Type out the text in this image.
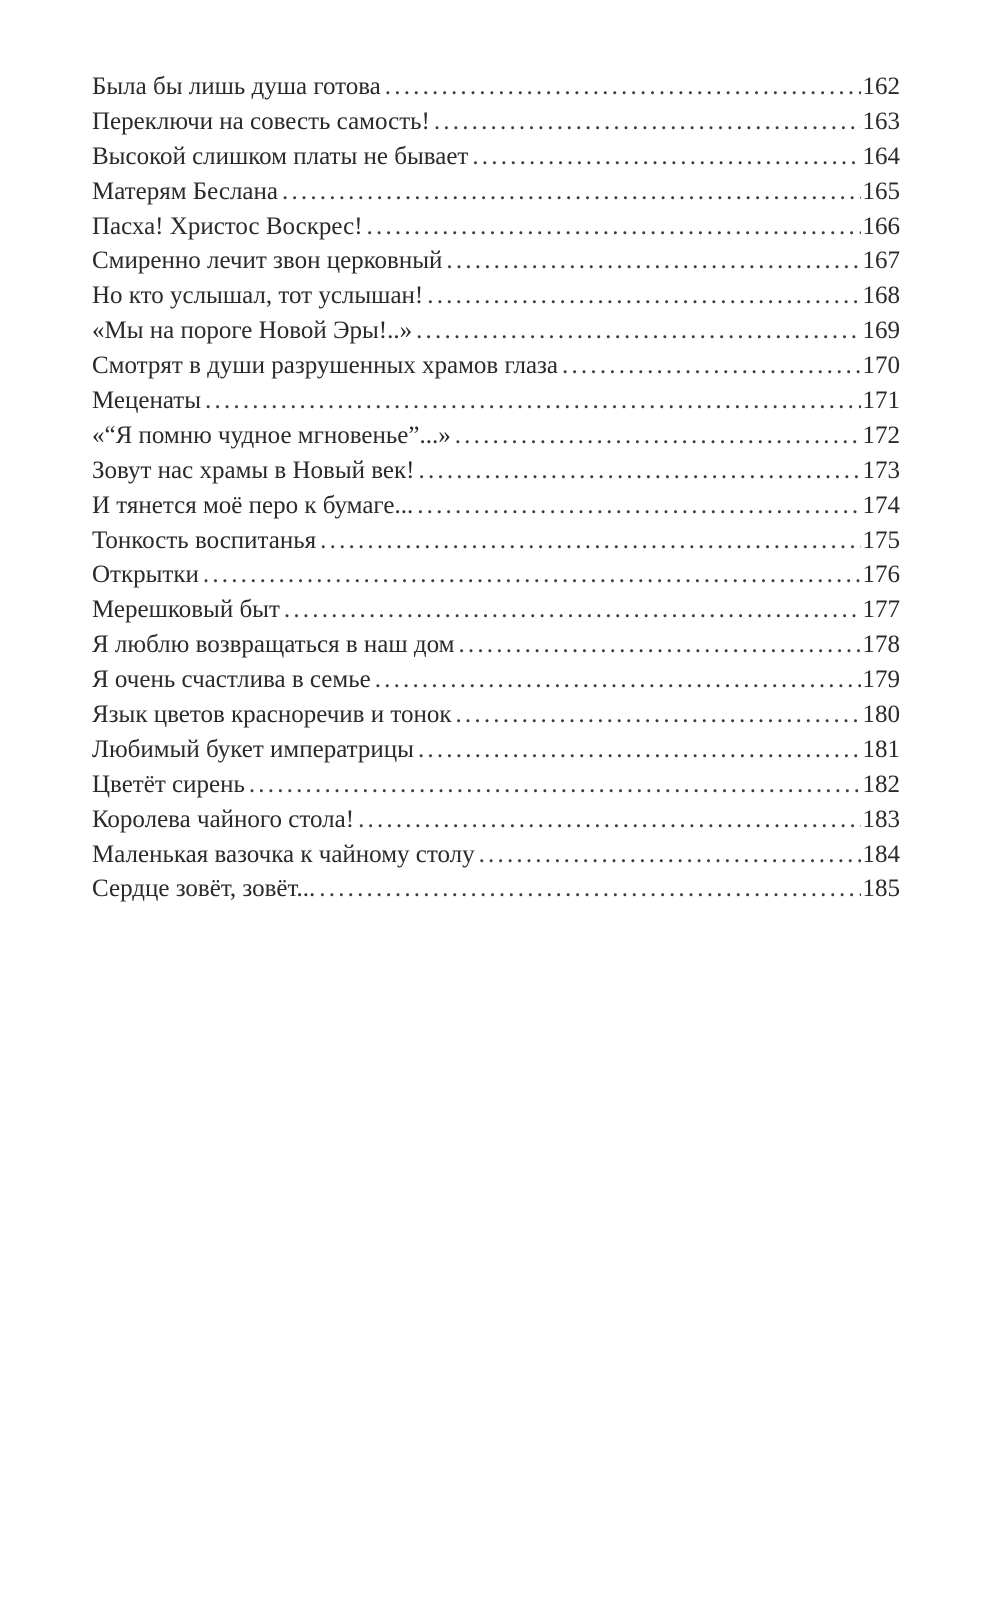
Была бы лишь душа готова .....	162
Переключи на совесть самость! .....	163
Высокой слишком платы не бывает .....	164
Матерям Беслана .....	165
Пасха! Христос Воскрес! .....	166
Смиренно лечит звон церковный .....	167
Но кто услышал, тот услышан! .....	168
«Мы на пороге Новой Эры!..» .....	169
Смотрят в души разрушенных храмов глаза .....	170
Меценаты .....	171
«“Я помню чудное мгновенье”...» .....	172
Зовут нас храмы в Новый век! .....	173
И тянется моё перо к бумаге... .....	174
Тонкость воспитанья .....	175
Открытки .....	176
Мерешковый быт .....	177
Я люблю возвращаться в наш дом .....	178
Я очень счастлива в семье .....	179
Язык цветов красноречив и тонок .....	180
Любимый букет императрицы .....	181
Цветёт сирень .....	182
Королева чайного стола! .....	183
Маленькая вазочка к чайному столу .....	184
Сердце зовёт, зовёт... .....	185
